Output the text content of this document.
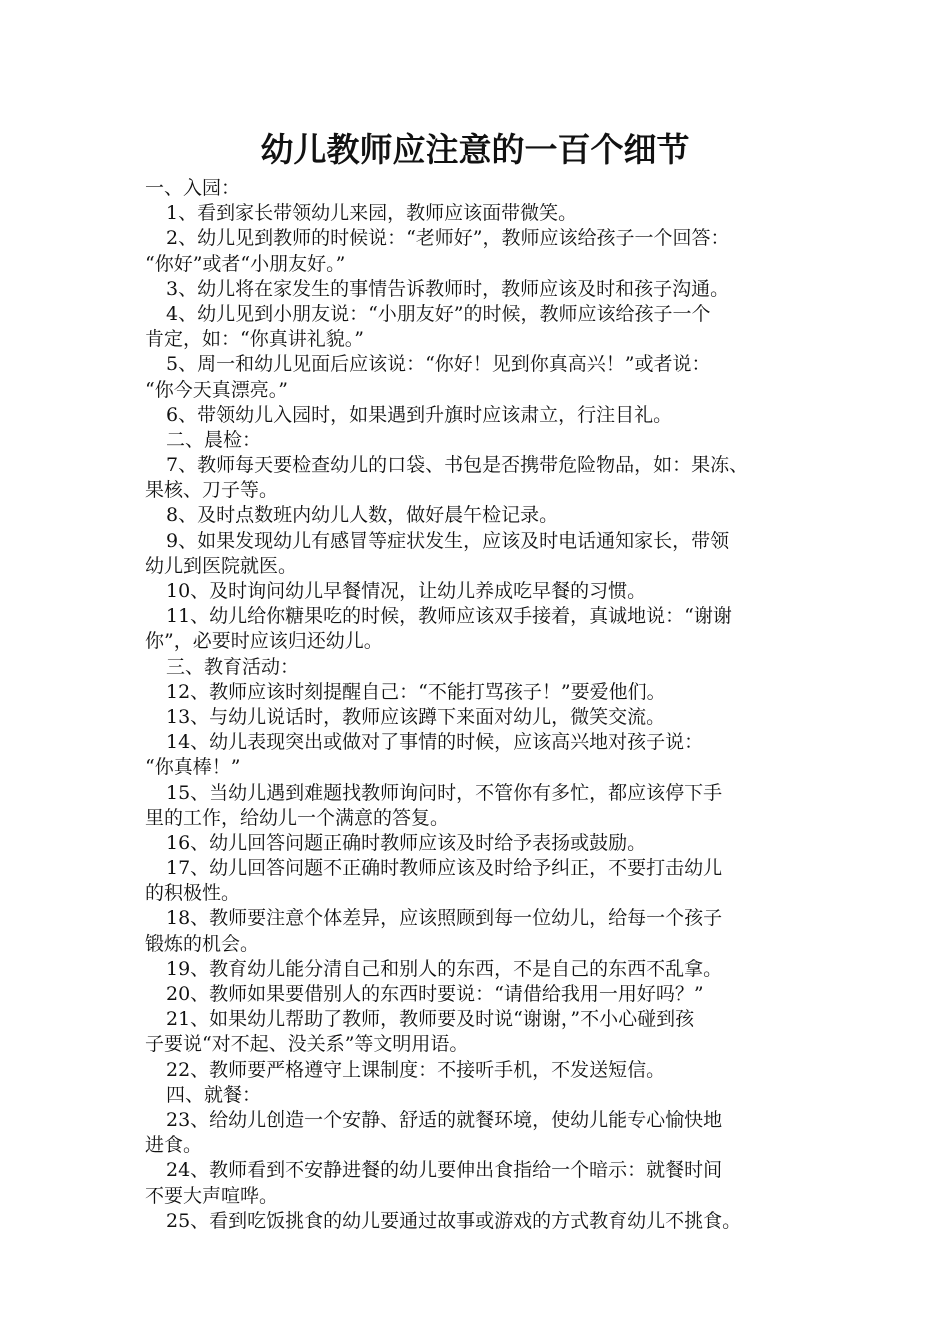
幼儿教师应注意的一百个细节
一、入园：
1、看到家长带领幼儿来园，教师应该面带微笑。
2、幼儿见到教师的时候说：“老师好”，教师应该给孩子一个回答：
“你好”或者“小朋友好。”
3、幼儿将在家发生的事情告诉教师时，教师应该及时和孩子沟通。
4、幼儿见到小朋友说：“小朋友好”的时候，教师应该给孩子一个
肯定，如：“你真讲礼貌。”
5、周一和幼儿见面后应该说：“你好！见到你真高兴！”或者说：
“你今天真漂亮。”
6、带领幼儿入园时，如果遇到升旗时应该肃立，行注目礼。
二、晨检：
7、教师每天要检查幼儿的口袋、书包是否携带危险物品，如：果冻、
果核、刀子等。
8、及时点数班内幼儿人数，做好晨午检记录。
9、如果发现幼儿有感冒等症状发生，应该及时电话通知家长，带领
幼儿到医院就医。
10、及时询问幼儿早餐情况，让幼儿养成吃早餐的习惯。
11、幼儿给你糖果吃的时候，教师应该双手接着，真诚地说：“谢谢
你”，必要时应该归还幼儿。
三、教育活动：
12、教师应该时刻提醒自己：“不能打骂孩子！”要爱他们。
13、与幼儿说话时，教师应该蹲下来面对幼儿，微笑交流。
14、幼儿表现突出或做对了事情的时候，应该高兴地对孩子说：
“你真棒！”
15、当幼儿遇到难题找教师询问时，不管你有多忙，都应该停下手
里的工作，给幼儿一个满意的答复。
16、幼儿回答问题正确时教师应该及时给予表扬或鼓励。
17、幼儿回答问题不正确时教师应该及时给予纠正，不要打击幼儿
的积极性。
18、教师要注意个体差异，应该照顾到每一位幼儿，给每一个孩子
锻炼的机会。
19、教育幼儿能分清自己和别人的东西，不是自己的东西不乱拿。
20、教师如果要借别人的东西时要说：“请借给我用一用好吗？”
21、如果幼儿帮助了教师，教师要及时说“谢谢，”不小心碰到孩
子要说“对不起、没关系”等文明用语。
22、教师要严格遵守上课制度：不接听手机，不发送短信。
四、就餐：
23、给幼儿创造一个安静、舒适的就餐环境，使幼儿能专心愉快地
进食。
24、教师看到不安静进餐的幼儿要伸出食指给一个暗示：就餐时间
不要大声喧哗。
25、看到吃饭挑食的幼儿要通过故事或游戏的方式教育幼儿不挑食。
